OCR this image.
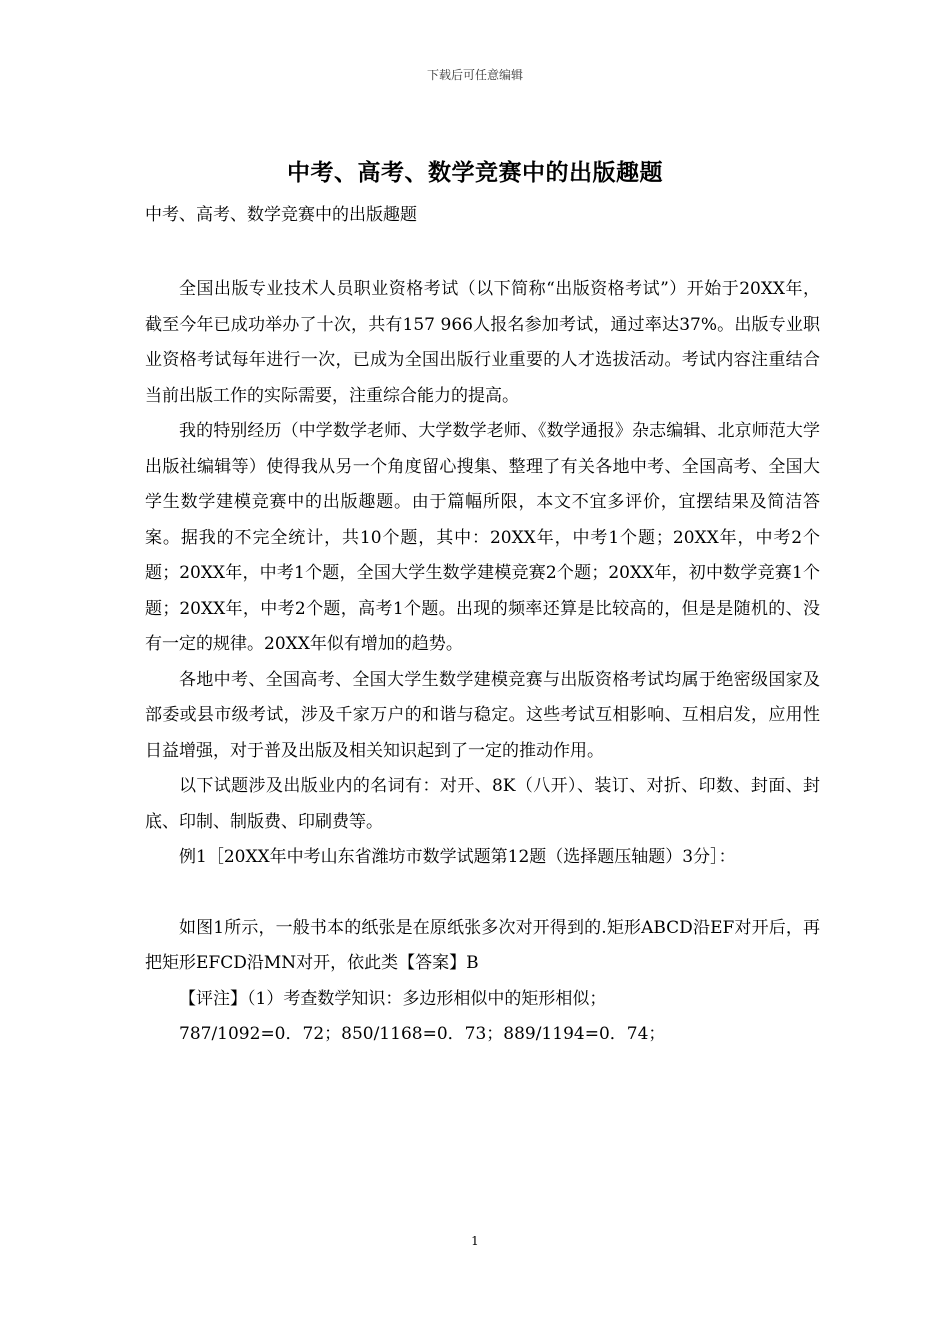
下载后可任意编辑
中考、高考、数学竞赛中的出版趣题
中考、高考、数学竞赛中的出版趣题

全国出版专业技术人员职业资格考试（以下简称“出版资格考试”）开始于20XX年，截至今年已成功举办了十次，共有157 966人报名参加考试，通过率达37%。出版专业职业资格考试每年进行一次，已成为全国出版行业重要的人才选拔活动。考试内容注重结合当前出版工作的实际需要，注重综合能力的提高。

我的特别经历（中学数学老师、大学数学老师、《数学通报》杂志编辑、北京师范大学出版社编辑等）使得我从另一个角度留心搜集、整理了有关各地中考、全国高考、全国大学生数学建模竞赛中的出版趣题。由于篇幅所限，本文不宜多评价，宜摆结果及简洁答案。据我的不完全统计，共10个题，其中：20XX年，中考1个题；20XX年，中考2个题；20XX年，中考1个题，全国大学生数学建模竞赛2个题；20XX年，初中数学竞赛1个题；20XX年，中考2个题，高考1个题。出现的频率还算是比较高的，但是是随机的、没有一定的规律。20XX年似有增加的趋势。

各地中考、全国高考、全国大学生数学建模竞赛与出版资格考试均属于绝密级国家及部委或县市级考试，涉及千家万户的和谐与稳定。这些考试互相影响、互相启发，应用性日益增强，对于普及出版及相关知识起到了一定的推动作用。

以下试题涉及出版业内的名词有：对开、8K（八开）、装订、对折、印数、封面、封底、印制、制版费、印刷费等。

例1［20XX年中考山东省潍坊市数学试题第12题（选择题压轴题）3分］：

如图1所示，一般书本的纸张是在原纸张多次对开得到的.矩形ABCD沿EF对开后，再把矩形EFCD沿MN对开，依此类【答案】B

【评注】（1）考查数学知识：多边形相似中的矩形相似；

787/1092=0．72；850/1168=0．73；889/1194=0．74；

1
